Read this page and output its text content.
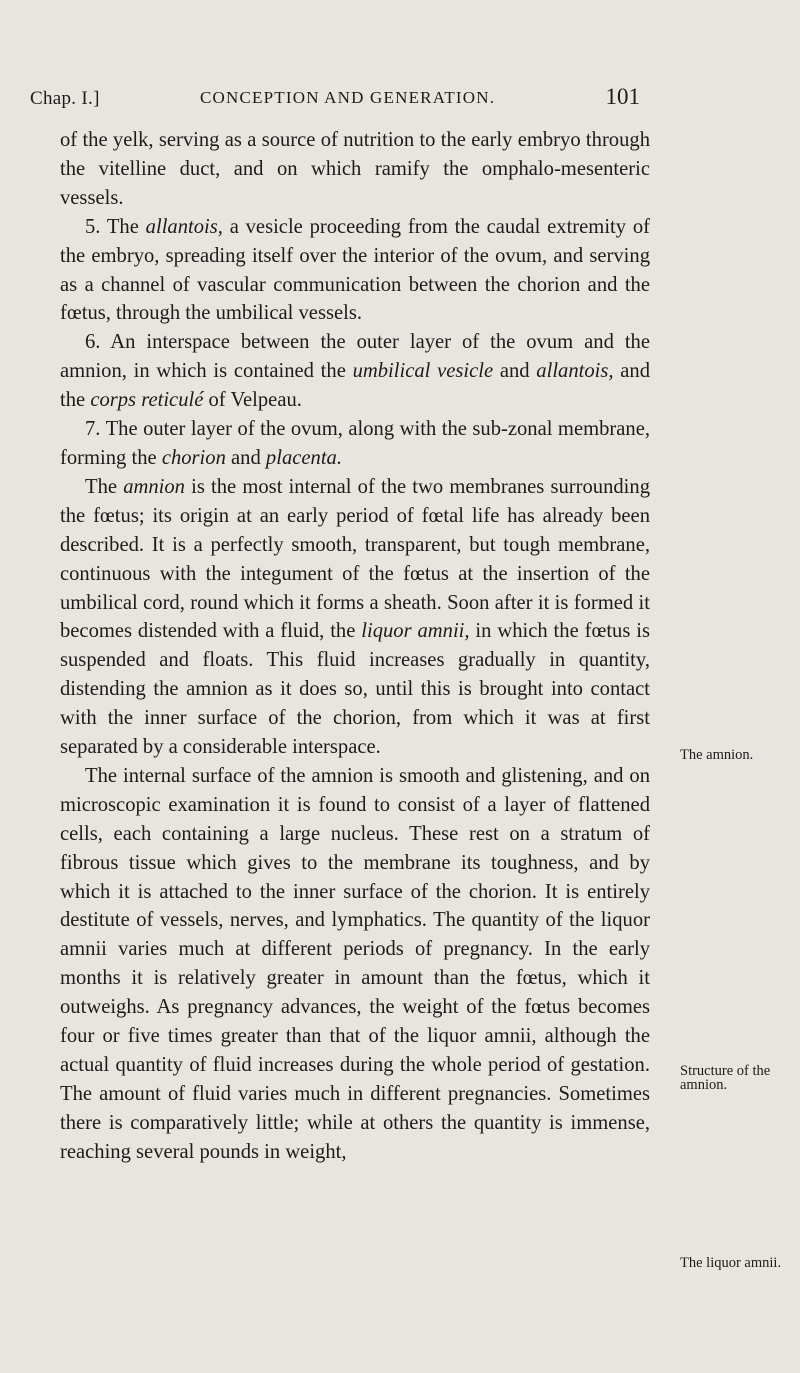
Chap. I.]	CONCEPTION AND GENERATION.	101

of the yelk, serving as a source of nutrition to the early embryo through the vitelline duct, and on which ramify the omphalo-mesenteric vessels.

5. The allantois, a vesicle proceeding from the caudal extremity of the embryo, spreading itself over the interior of the ovum, and serving as a channel of vascular communication between the chorion and the fœtus, through the umbilical vessels.

6. An interspace between the outer layer of the ovum and the amnion, in which is contained the umbilical vesicle and allantois, and the corps reticulé of Velpeau.

7. The outer layer of the ovum, along with the sub-zonal membrane, forming the chorion and placenta.

The amnion is the most internal of the two membranes surrounding the fœtus; its origin at an early period of fœtal life has already been described. It is a perfectly smooth, transparent, but tough membrane, continuous with the integument of the fœtus at the insertion of the umbilical cord, round which it forms a sheath. Soon after it is formed it becomes distended with a fluid, the liquor amnii, in which the fœtus is suspended and floats. This fluid increases gradually in quantity, distending the amnion as it does so, until this is brought into contact with the inner surface of the chorion, from which it was at first separated by a considerable interspace.

The internal surface of the amnion is smooth and glistening, and on microscopic examination it is found to consist of a layer of flattened cells, each containing a large nucleus. These rest on a stratum of fibrous tissue which gives to the membrane its toughness, and by which it is attached to the inner surface of the chorion. It is entirely destitute of vessels, nerves, and lymphatics. The quantity of the liquor amnii varies much at different periods of pregnancy. In the early months it is relatively greater in amount than the fœtus, which it outweighs. As pregnancy advances, the weight of the fœtus becomes four or five times greater than that of the liquor amnii, although the actual quantity of fluid increases during the whole period of gestation. The amount of fluid varies much in different pregnancies. Sometimes there is comparatively little; while at others the quantity is immense, reaching several pounds in weight,

The amnion.
Structure of the amnion.
The liquor amnii.
